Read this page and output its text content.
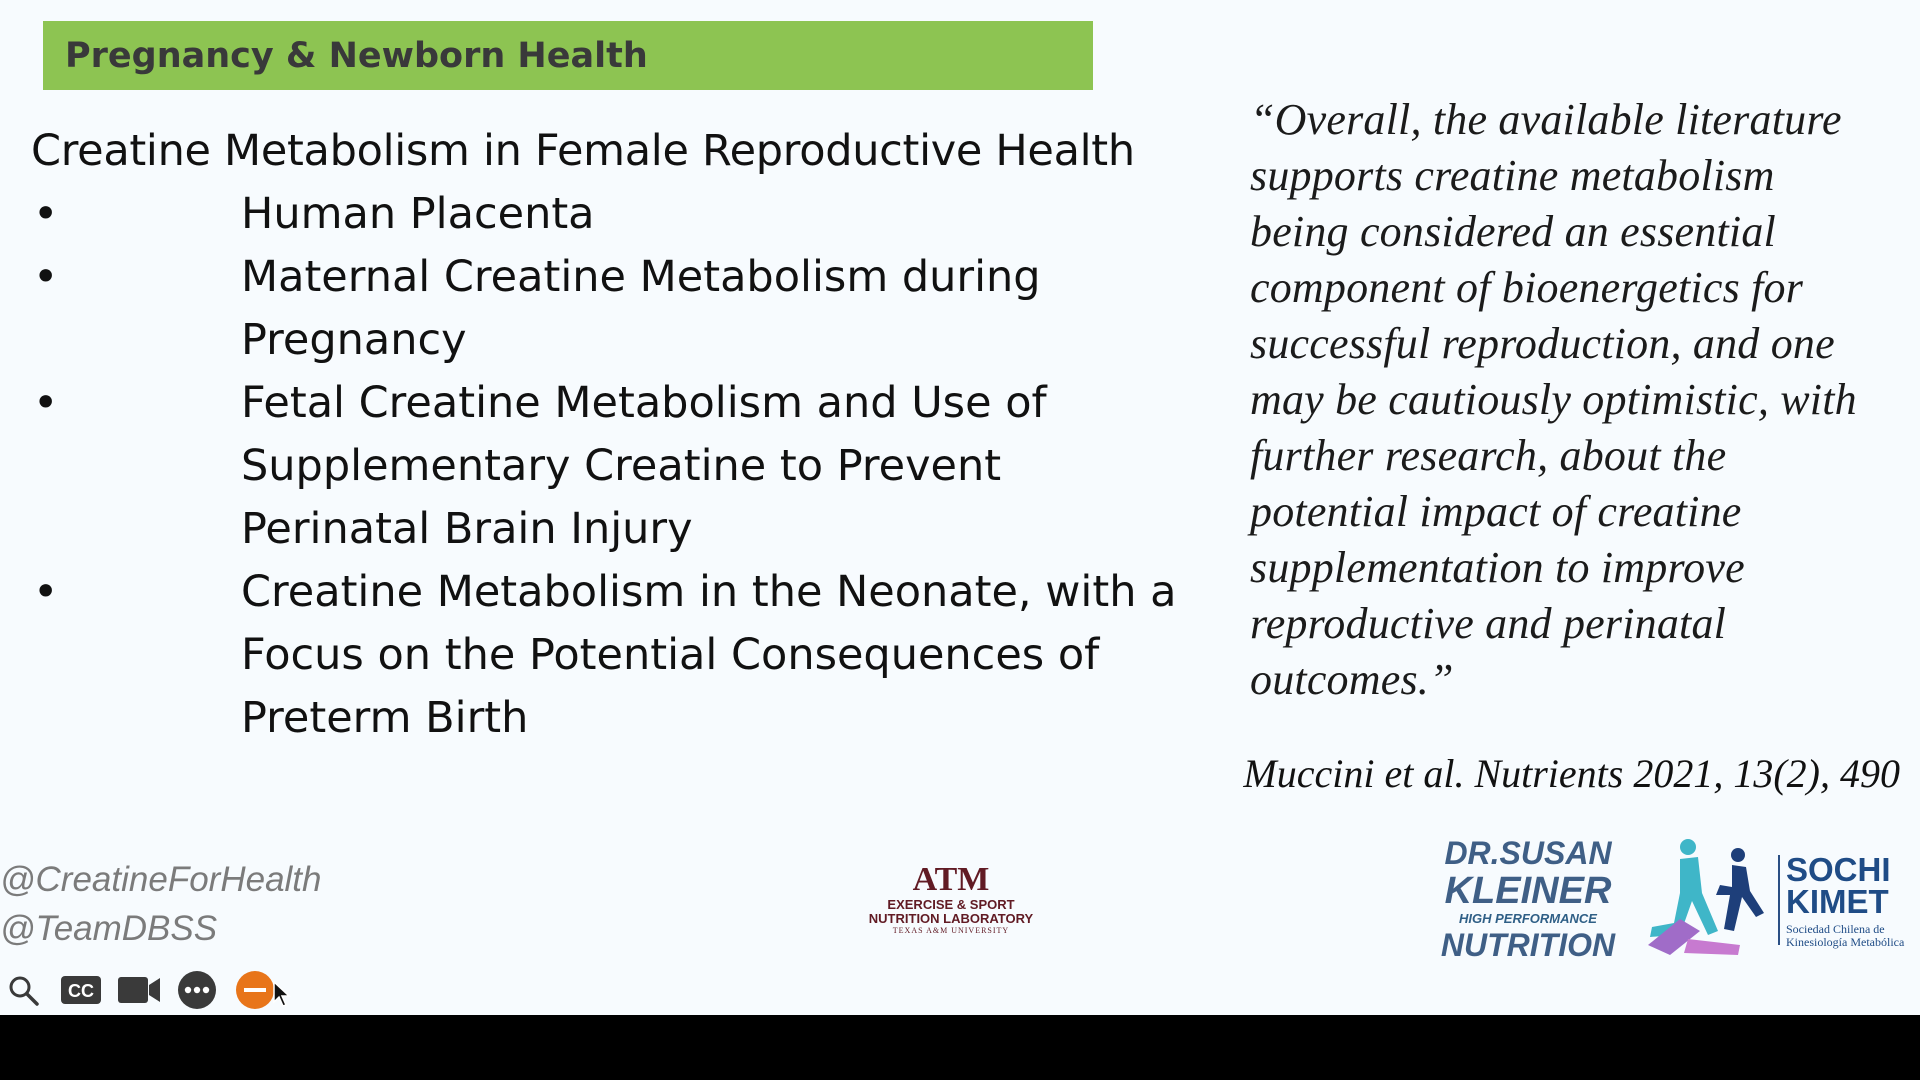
Pregnancy & Newborn Health
Creatine Metabolism in Female Reproductive Health
•	Human Placenta
•	Maternal Creatine Metabolism during
Pregnancy
•	Fetal Creatine Metabolism and Use of
Supplementary Creatine to Prevent
Perinatal Brain Injury
•	Creatine Metabolism in the Neonate, with a
Focus on the Potential Consequences of
Preterm Birth
“Overall, the available literature
supports creatine metabolism
being considered an essential
component of bioenergetics for
successful reproduction, and one
may be cautiously optimistic, with
further research, about the
potential impact of creatine
supplementation to improve
reproductive and perinatal
outcomes.”
Muccini et al. Nutrients 2021, 13(2), 490
@CreatineForHealth
@TeamDBSS
ATM
EXERCISE & SPORT
NUTRITION LABORATORY
TEXAS A&M UNIVERSITY
DR.SUSAN
KLEINER
HIGH PERFORMANCE
NUTRITION
SOCHI
KIMET
Sociedad Chilena de Kinesiología Metabólica
CC
